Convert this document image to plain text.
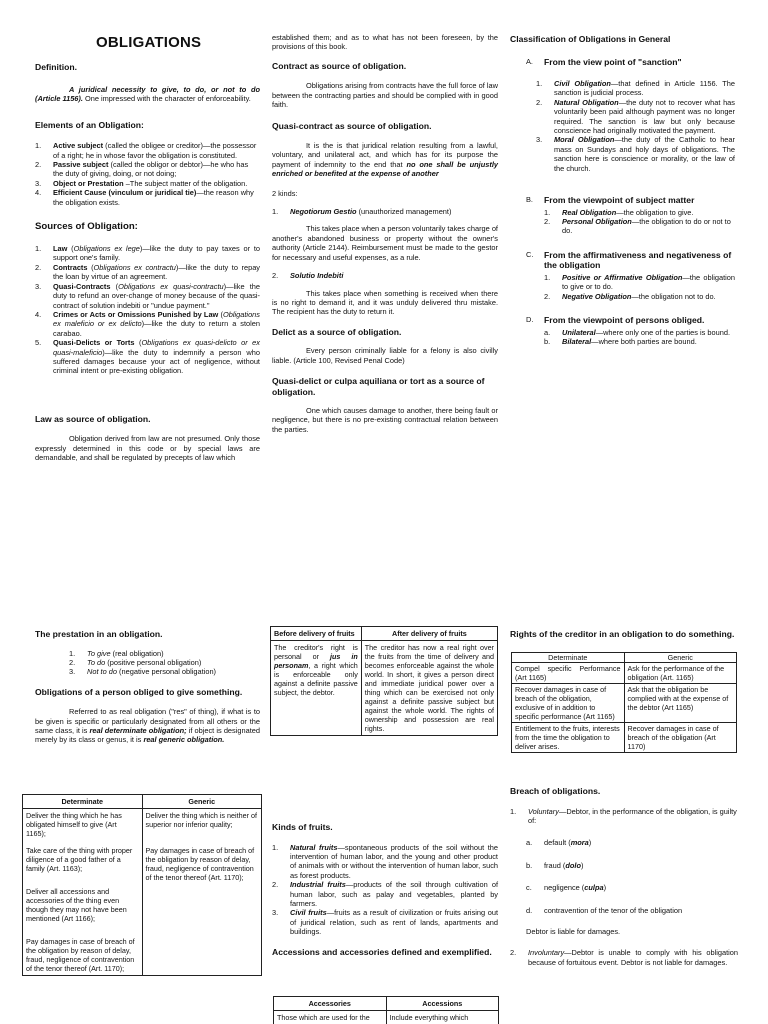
OBLIGATIONS

Definition.

A juridical necessity to give, to do, or not to do (Article 1156). One impressed with the character of enforceability.

Elements of an Obligation:

1. Active subject (called the obligee or creditor)—the possessor of a right; he in whose favor the obligation is constituted.
2. Passive subject (called the obligor or debtor)—he who has the duty of giving, doing, or not doing;
3. Object or Prestation –The subject matter of the obligation.
4. Efficient Cause (vinculum or juridical tie)—the reason why the obligation exists.

Sources of Obligation:

1. Law (Obligations ex lege)—like the duty to pay taxes or to support one's family.
2. Contracts (Obligations ex contractu)—like the duty to repay the loan by virtue of an agreement.
3. Quasi-Contracts (Obligations ex quasi-contractu)—like the duty to refund an over-change of money because of the quasi-contract of solution indebiti or "undue payment."
4. Crimes or Acts or Omissions Punished by Law (Obligations ex maleficio or ex delicto)—like the duty to return a stolen carabao.
5. Quasi-Delicts or Torts (Obligations ex quasi-delicto or ex quasi-maleficio)—like the duty to indemnify a person who suffered damages because your act of negligence, without criminal intent or pre-existing obligation.

Law as source of obligation.

Obligation derived from law are not presumed. Only those expressly determined in this code or by special laws are demandable, and shall be regulated by precepts of law which

established them; and as to what has not been foreseen, by the provisions of this book.

Contract as source of obligation.

Obligations arising from contracts have the full force of law between the contracting parties and should be complied with in good faith.

Quasi-contract as source of obligation.

It is the is that juridical relation resulting from a lawful, voluntary, and unilateral act, and which has for its purpose the payment of indemnity to the end that no one shall be unjustly enriched or benefited at the expense of another

2 kinds:

1. Negotiorum Gestio (unauthorized management)

This takes place when a person voluntarily takes charge of another's abandoned business or property without the owner's authority (Article 2144). Reimbursement must be made to the gestor for necessary and useful expenses, as a rule.

2. Solutio Indebiti

This takes place when something is received when there is no right to demand it, and it was unduly delivered thru mistake. The recipient has the duty to return it.

Delict as a source of obligation.

Every person criminally liable for a felony is also civilly liable. (Article 100, Revised Penal Code)

Quasi-delict or culpa aquiliana or tort as a source of obligation.

One which causes damage to another, there being fault or negligence, but there is no pre-existing contractual relation between the parties.

Classification of Obligations in General

A. From the view point of "sanction"
1. Civil Obligation—that defined in Article 1156. The sanction is judicial process.
2. Natural Obligation—the duty not to recover what has voluntarily been paid although payment was no longer required. The sanction is law but only because conscience had originally motivated the payment.
3. Moral Obligation—the duty of the Catholic to hear mass on Sundays and holy days of obligations. The sanction here is conscience or morality, or the law of the church.
B. From the viewpoint of subject matter
1. Real Obligation—the obligation to give.
2. Personal Obligation—the obligation to do or not to do.
C. From the affirmativeness and negativeness of the obligation
1. Positive or Affirmative Obligation—the obligation to give or to do.
2. Negative Obligation—the obligation not to do.
D. From the viewpoint of persons obliged.
a. Unilateral—where only one of the parties is bound.
b. Bilateral—where both parties are bound.

The prestation in an obligation.

1. To give (real obligation)
2. To do (positive personal obligation)
3. Not to do (negative personal obligation)

Obligations of a person obliged to give something.

Referred to as real obligation ("res" of thing), if what is to be given is specific or particularly designated from all others or the same class, it is real determinate obligation; if object is designated merely by its class or genus, it is real generic obligation.

Determinate	Generic
Deliver the thing which he has obligated himself to give (Art 1165);	Deliver the thing which is neither of superior nor inferior quality;
Take care of the thing with proper diligence of a good father of a family (Art. 1163);	Pay damages in case of breach of the obligation by reason of delay, fraud, negligence of contravention of the tenor thereof (Art. 1170);
Deliver all accessions and accessories of the thing even though they may not have been mentioned (Art 1166);	
Pay damages in case of breach of the obligation by reason of delay, fraud, negligence of contravention of the tenor thereof (Art. 1170);	
Before delivery of fruits	After delivery of fruits
The creditor's right is personal or jus in personam, a right which is enforceable only against a definite passive subject, the debtor.	The creditor has now a real right over the fruits from the time of delivery and becomes enforceable against the whole world. In short, it gives a person direct and immediate juridical power over a thing which can be exercised not only against a definite passive subject but against the whole world. The rights of ownership and possession are real rights.

Kinds of fruits.

1. Natural fruits—spontaneous products of the soil without the intervention of human labor, and the young and other product of animals with or without the intervention of human labor, such as forest products.
2. Industrial fruits—products of the soil through cultivation of human labor, such as palay and vegetables, planted by farmers.
3. Civil fruits—fruits as a result of civilization or fruits arising out of juridical relation, such as rent of lands, apartments and buildings.

Accessions and accessories defined and exemplified.

Accessories	Accessions
Those which are used for the	Include everything which

Rights of the creditor in an obligation to do something.

Determinate	Generic
Compel specific Performance (Art 1165)	Ask for the performance of the obligation (Art. 1165)
Recover damages in case of breach of the obligation, exclusive of in addition to specific performance (Art 1165)	Ask that the obligation be complied with at the expense of the debtor (Art 1165)
Entitlement to the fruits, interests from the time the obligation to deliver arises.	Recover damages in case of breach of the obligation (Art 1170)

Breach of obligations.

1. Voluntary—Debtor, in the performance of the obligation, is guilty of:
a. default (mora)
b. fraud (dolo)
c. negligence (culpa)
d. contravention of the tenor of the obligation

Debtor is liable for damages.

2. Involuntary—Debtor is unable to comply with his obligation because of fortuitous event. Debtor is not liable for damages.
